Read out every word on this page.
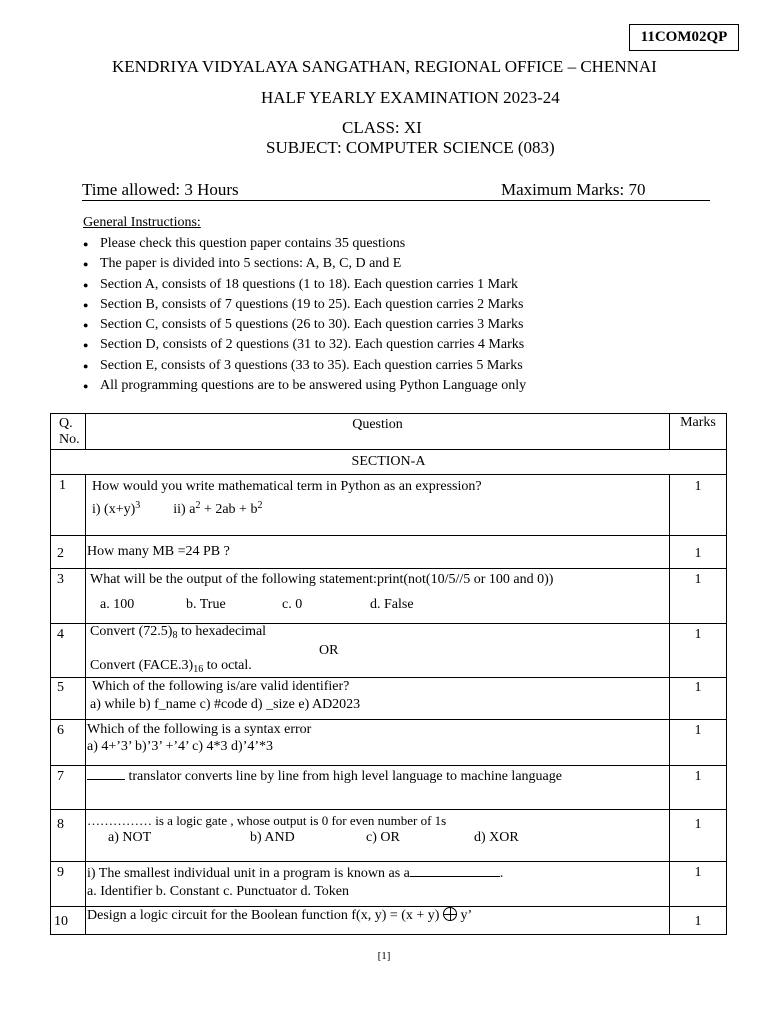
11COM02QP
KENDRIYA VIDYALAYA SANGATHAN, REGIONAL OFFICE – CHENNAI
HALF YEARLY EXAMINATION 2023-24
CLASS: XI
SUBJECT: COMPUTER SCIENCE (083)
Time allowed: 3 Hours	Maximum Marks: 70
General Instructions:
● Please check this question paper contains 35 questions
● The paper is divided into 5 sections: A, B, C, D and E
● Section A, consists of 18 questions (1 to 18). Each question carries 1 Mark
● Section B, consists of 7 questions (19 to 25). Each question carries 2 Marks
● Section C, consists of 5 questions (26 to 30). Each question carries 3 Marks
● Section D, consists of 2 questions (31 to 32). Each question carries 4 Marks
● Section E, consists of 3 questions (33 to 35). Each question carries 5 Marks
● All programming questions are to be answered using Python Language only
Q.
No.	Question	Marks
SECTION-A		
1	How would you write mathematical term in Python as an expression?
i) $(x+y)^3$ ii) $a^2 + 2ab + b^2$	1
2	How many MB =24 PB ?	1
3	What will be the output of the following statement:print(not(10/5//5 or 100 and 0))
a. 100 b. True c. 0 d. False	1
4	Convert $(72.5)_8$ to hexadecimal
OR
Convert $(FACE.3)_{16}$ to octal.	1
5	Which of the following is/are valid identifier?
a) while b) f_name c) #code d) _size e) AD2023	1
6	Which of the following is a syntax error
a) 4+’3’ b)’3’ +’4’ c) 4*3 d)’4’*3	1
7	translator converts line by line from high level language to machine language	1
8	…………… is a logic gate , whose output is 0 for even number of 1s
a) NOT b) AND c) OR d) XOR	1
9	i) The smallest individual unit in a program is known as a .
a. Identifier b. Constant c. Punctuator d. Token	1
10	Design a logic circuit for the Boolean function f(x, y) = (x + y)  y’	1
[1]
